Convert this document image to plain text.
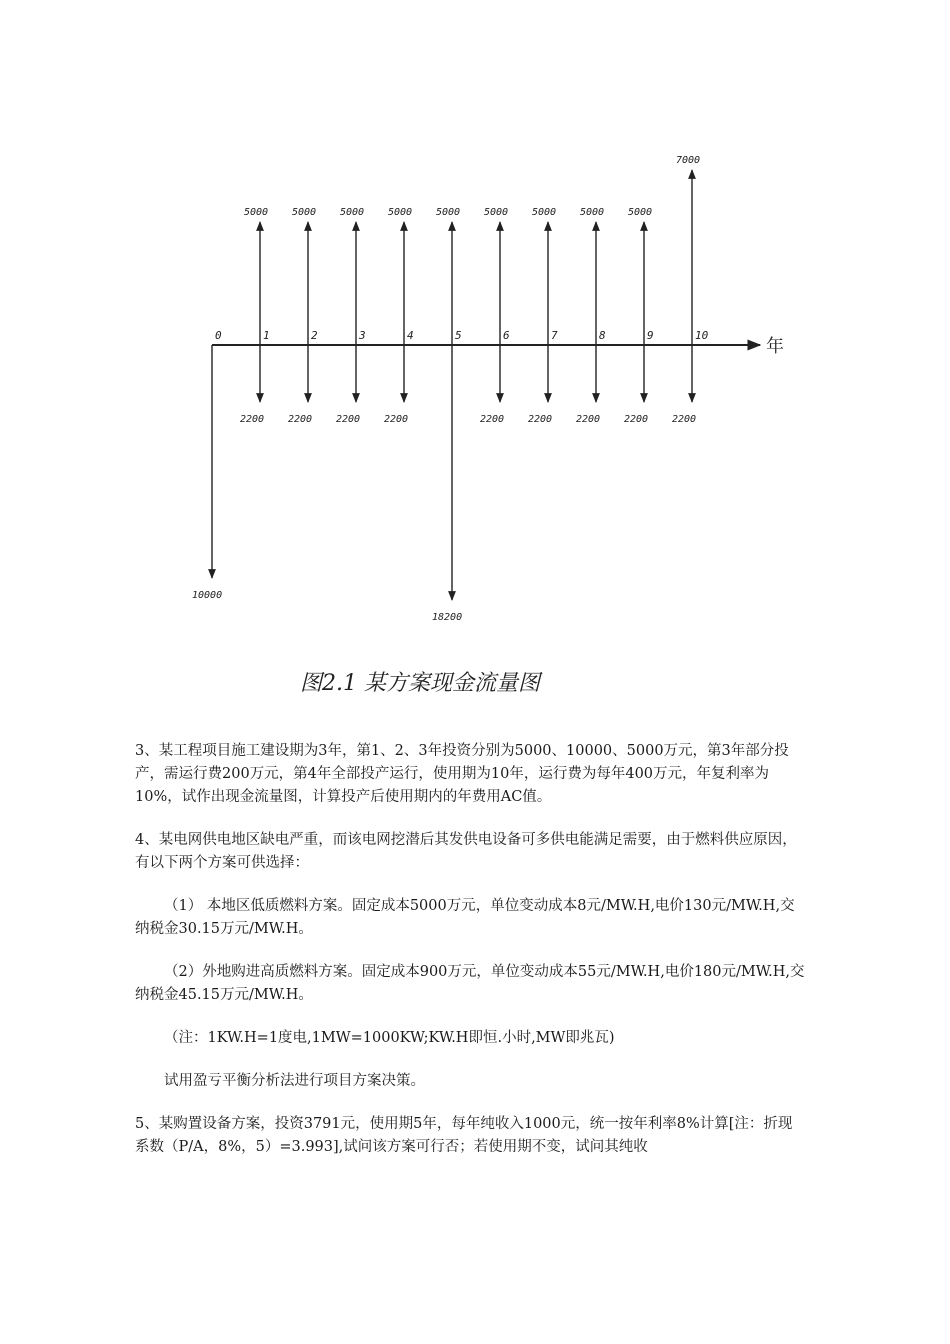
年
0	1	2	3	4	5	6	7	8	9	10
5000 5000 5000 5000 5000 5000 5000 5000 5000
7000
10000
2200 2200 2200 2200
18200
2200 2200 2200 2200 2200
图2.1 某方案现金流量图

3、某工程项目施工建设期为3年，第1、2、3年投资分别为5000、10000、5000万元，第3年部分投产，需运行费200万元，第4年全部投产运行，使用期为10年，运行费为每年400万元，年复利率为10%，试作出现金流量图，计算投产后使用期内的年费用AC值。

4、某电网供电地区缺电严重，而该电网挖潜后其发供电设备可多供电能满足需要，由于燃料供应原因，有以下两个方案可供选择：

（1） 本地区低质燃料方案。固定成本5000万元，单位变动成本8元/MW.H,电价130元/MW.H,交纳税金30.15万元/MW.H。

（2）外地购进高质燃料方案。固定成本900万元，单位变动成本55元/MW.H,电价180元/MW.H,交纳税金45.15万元/MW.H。

（注：1KW.H=1度电,1MW=1000KW;KW.H即恒.小时,MW即兆瓦)

试用盈亏平衡分析法进行项目方案决策。

5、某购置设备方案，投资3791元，使用期5年，每年纯收入1000元，统一按年利率8%计算[注：折现系数（P/A，8%，5）=3.993],试问该方案可行否；若使用期不变，试问其纯收
